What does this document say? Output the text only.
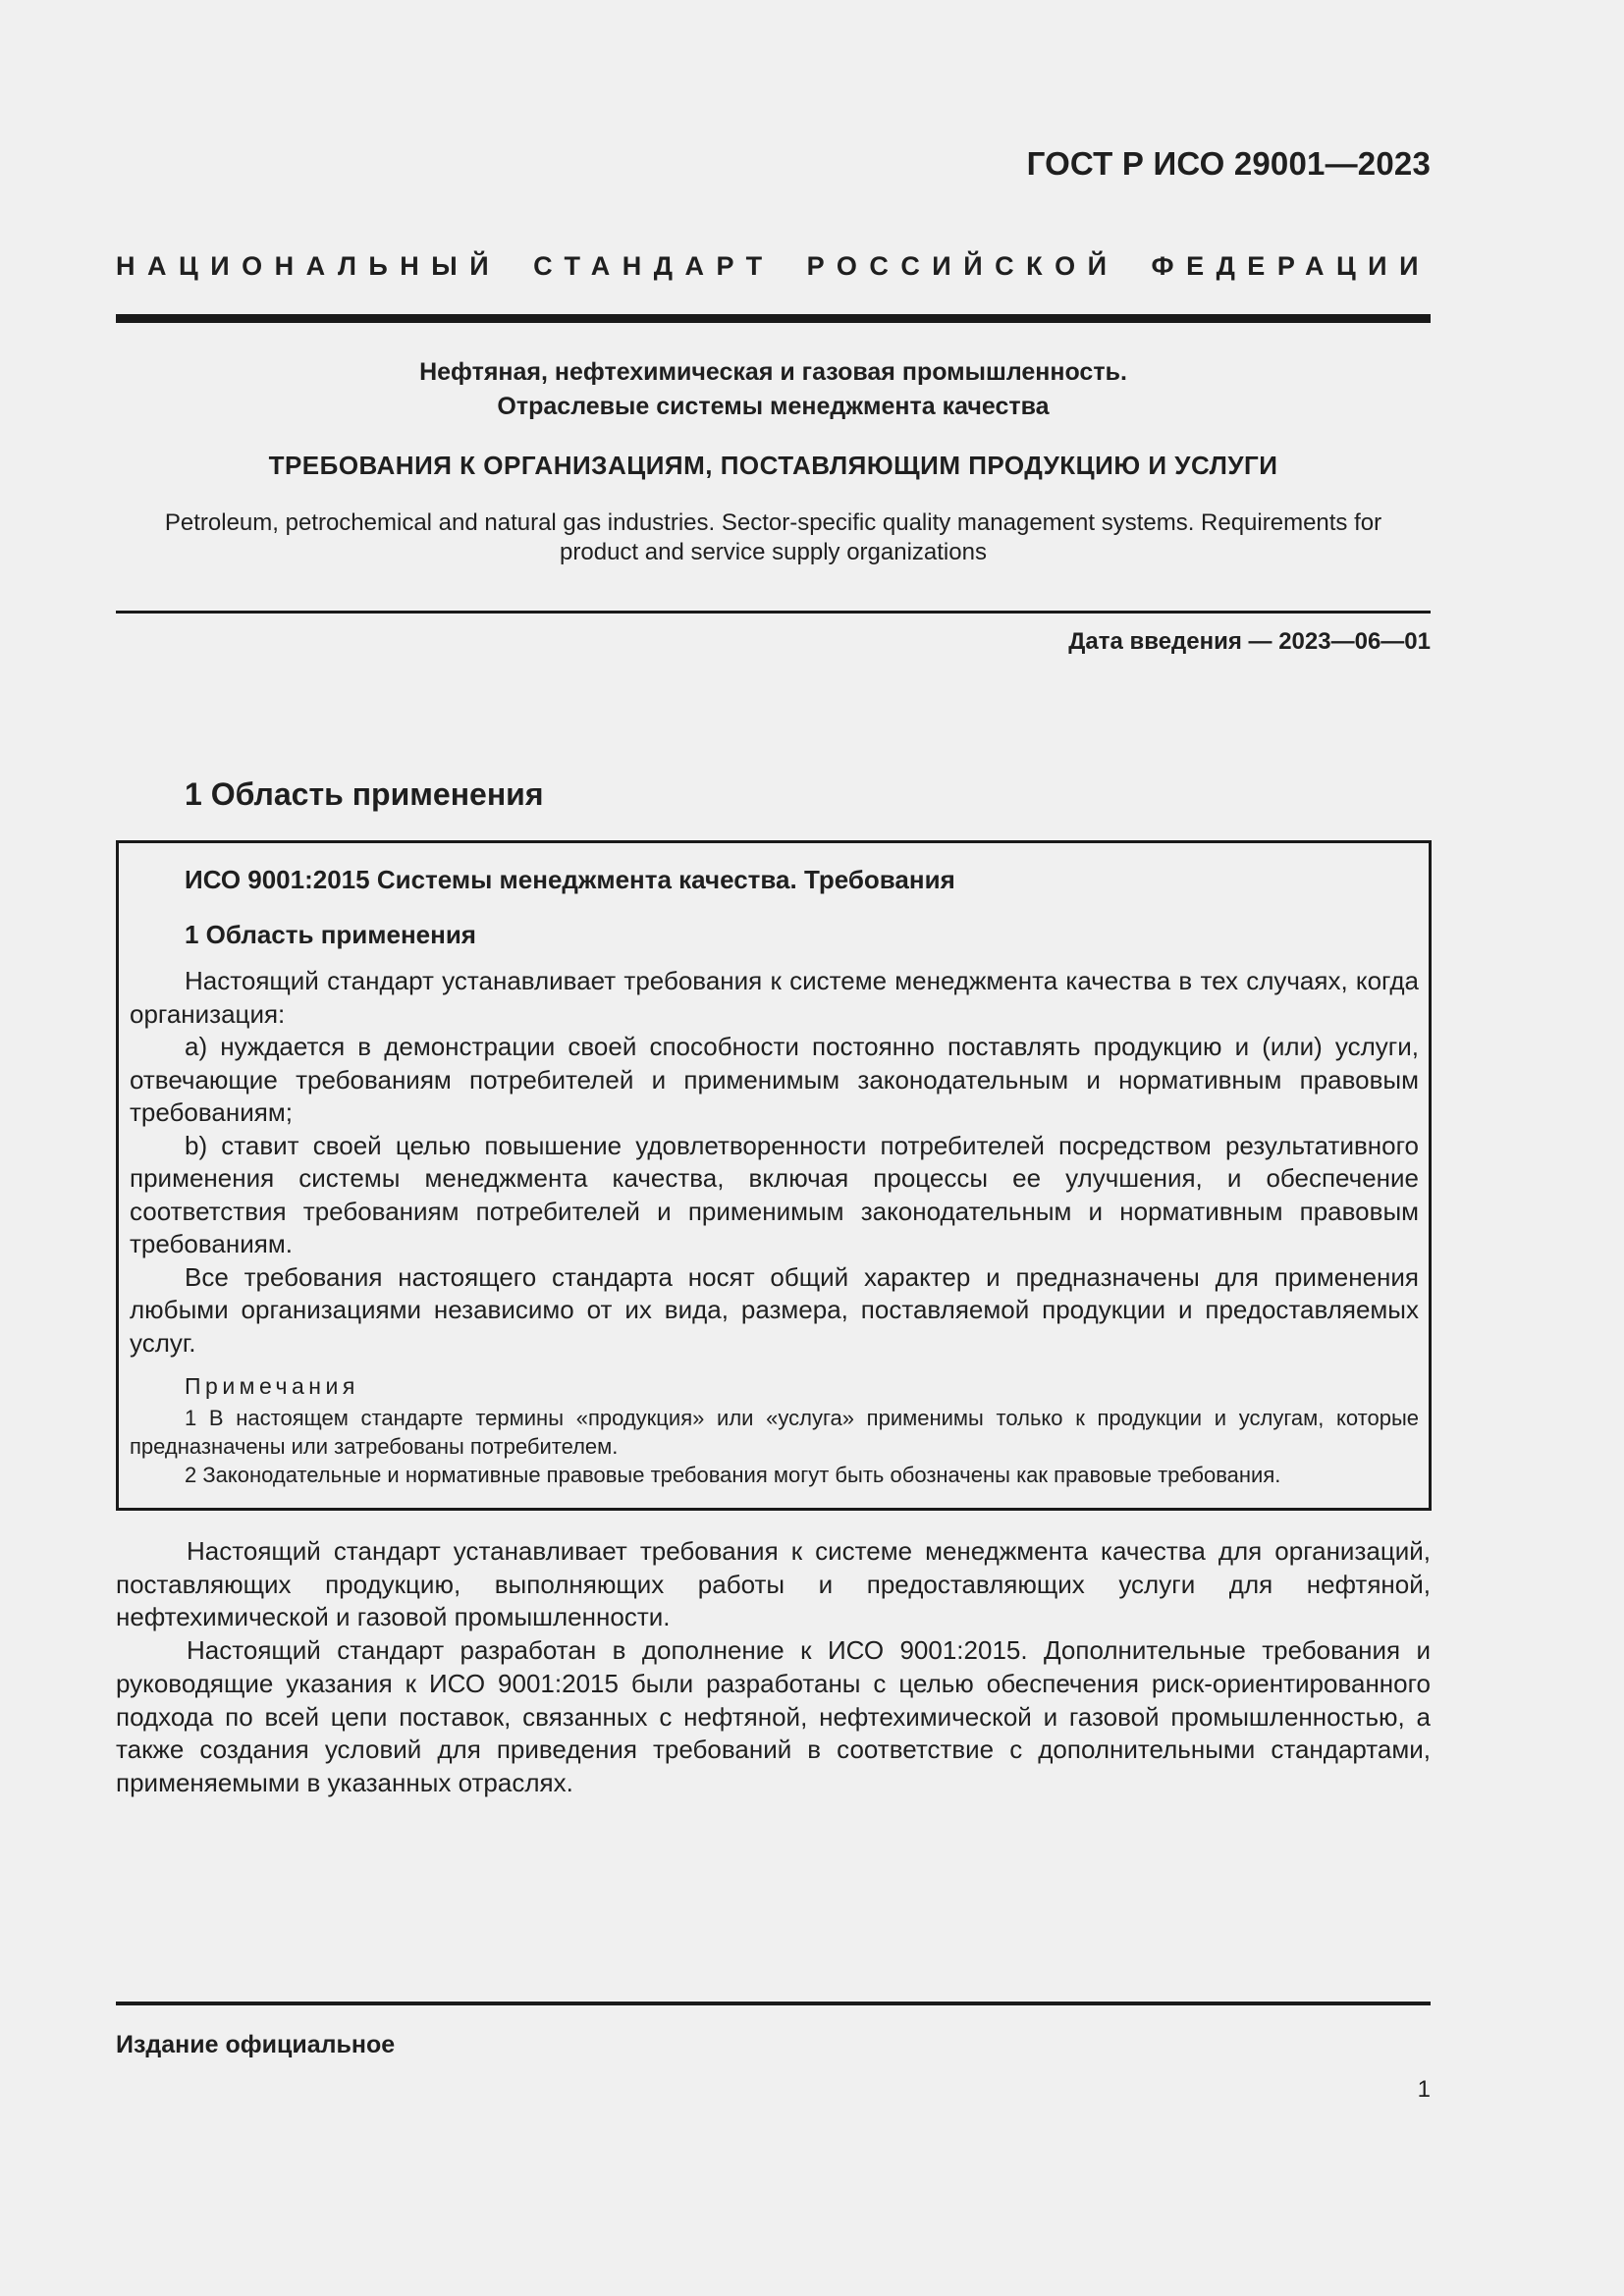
ГОСТ Р ИСО 29001—2023
НАЦИОНАЛЬНЫЙ СТАНДАРТ РОССИЙСКОЙ ФЕДЕРАЦИИ
Нефтяная, нефтехимическая и газовая промышленность.
Отраслевые системы менеджмента качества
ТРЕБОВАНИЯ К ОРГАНИЗАЦИЯМ, ПОСТАВЛЯЮЩИМ ПРОДУКЦИЮ И УСЛУГИ
Petroleum, petrochemical and natural gas industries. Sector-specific quality management systems. Requirements for
product and service supply organizations
Дата введения — 2023—06—01
1 Область применения
ИСО 9001:2015 Системы менеджмента качества. Требования
1 Область применения

Настоящий стандарт устанавливает требования к системе менеджмента качества в тех случаях, когда организация:

a) нуждается в демонстрации своей способности постоянно поставлять продукцию и (или) услуги, отвечающие требованиям потребителей и применимым законодательным и нормативным правовым требованиям;

b) ставит своей целью повышение удовлетворенности потребителей посредством результативного применения системы менеджмента качества, включая процессы ее улучшения, и обеспечение соответствия требованиям потребителей и применимым законодательным и нормативным правовым требованиям.

Все требования настоящего стандарта носят общий характер и предназначены для применения любыми организациями независимо от их вида, размера, поставляемой продукции и предоставляемых услуг.

Примечания

1 В настоящем стандарте термины «продукция» или «услуга» применимы только к продукции и услугам, которые предназначены или затребованы потребителем.

2 Законодательные и нормативные правовые требования могут быть обозначены как правовые требования.

Настоящий стандарт устанавливает требования к системе менеджмента качества для организаций, поставляющих продукцию, выполняющих работы и предоставляющих услуги для нефтяной, нефтехимической и газовой промышленности.

Настоящий стандарт разработан в дополнение к ИСО 9001:2015. Дополнительные требования и руководящие указания к ИСО 9001:2015 были разработаны с целью обеспечения риск-ориентированного подхода по всей цепи поставок, связанных с нефтяной, нефтехимической и газовой промышленностью, а также создания условий для приведения требований в соответствие с дополнительными стандартами, применяемыми в указанных отраслях.

Издание официальное
1
